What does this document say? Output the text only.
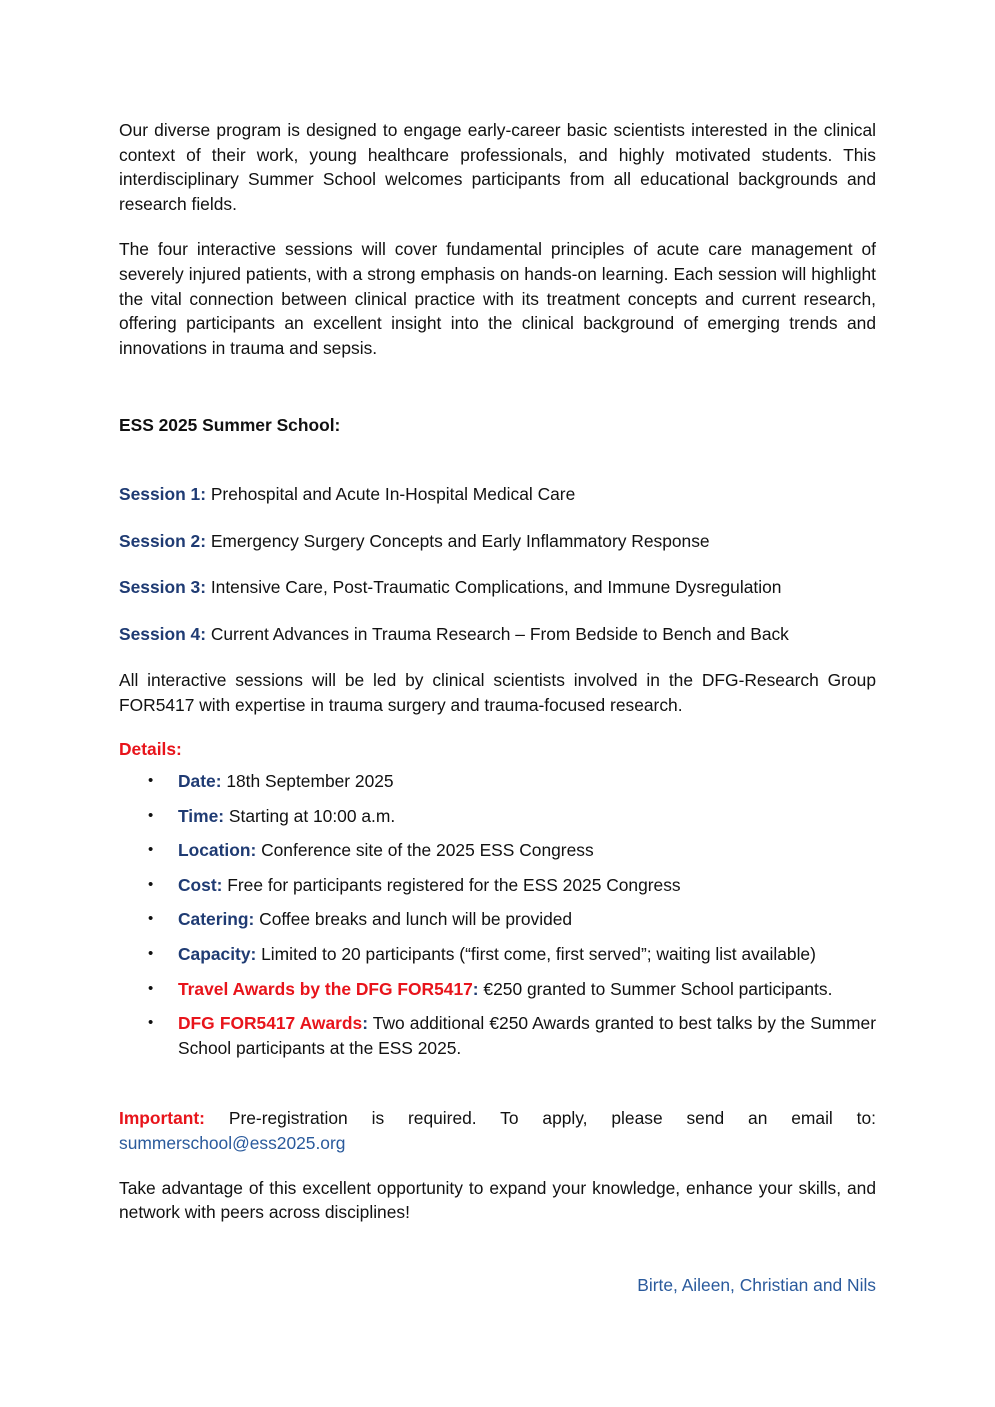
Our diverse program is designed to engage early-career basic scientists interested in the clinical context of their work, young healthcare professionals, and highly motivated students. This interdisciplinary Summer School welcomes participants from all educational backgrounds and research fields.

The four interactive sessions will cover fundamental principles of acute care management of severely injured patients, with a strong emphasis on hands-on learning. Each session will highlight the vital connection between clinical practice with its treatment concepts and current research, offering participants an excellent insight into the clinical background of emerging trends and innovations in trauma and sepsis.

ESS 2025 Summer School:

Session 1: Prehospital and Acute In-Hospital Medical Care

Session 2: Emergency Surgery Concepts and Early Inflammatory Response

Session 3: Intensive Care, Post-Traumatic Complications, and Immune Dysregulation

Session 4: Current Advances in Trauma Research – From Bedside to Bench and Back

All interactive sessions will be led by clinical scientists involved in the DFG-Research Group FOR5417 with expertise in trauma surgery and trauma-focused research.

Details:

• Date: 18th September 2025
• Time: Starting at 10:00 a.m.
• Location: Conference site of the 2025 ESS Congress
• Cost: Free for participants registered for the ESS 2025 Congress
• Catering: Coffee breaks and lunch will be provided
• Capacity: Limited to 20 participants (“first come, first served”; waiting list available)
• Travel Awards by the DFG FOR5417: €250 granted to Summer School participants.
• DFG FOR5417 Awards: Two additional €250 Awards granted to best talks by the Summer School participants at the ESS 2025.

Important: Pre-registration is required. To apply, please send an email to: summerschool@ess2025.org

Take advantage of this excellent opportunity to expand your knowledge, enhance your skills, and network with peers across disciplines!

Birte, Aileen, Christian and Nils
